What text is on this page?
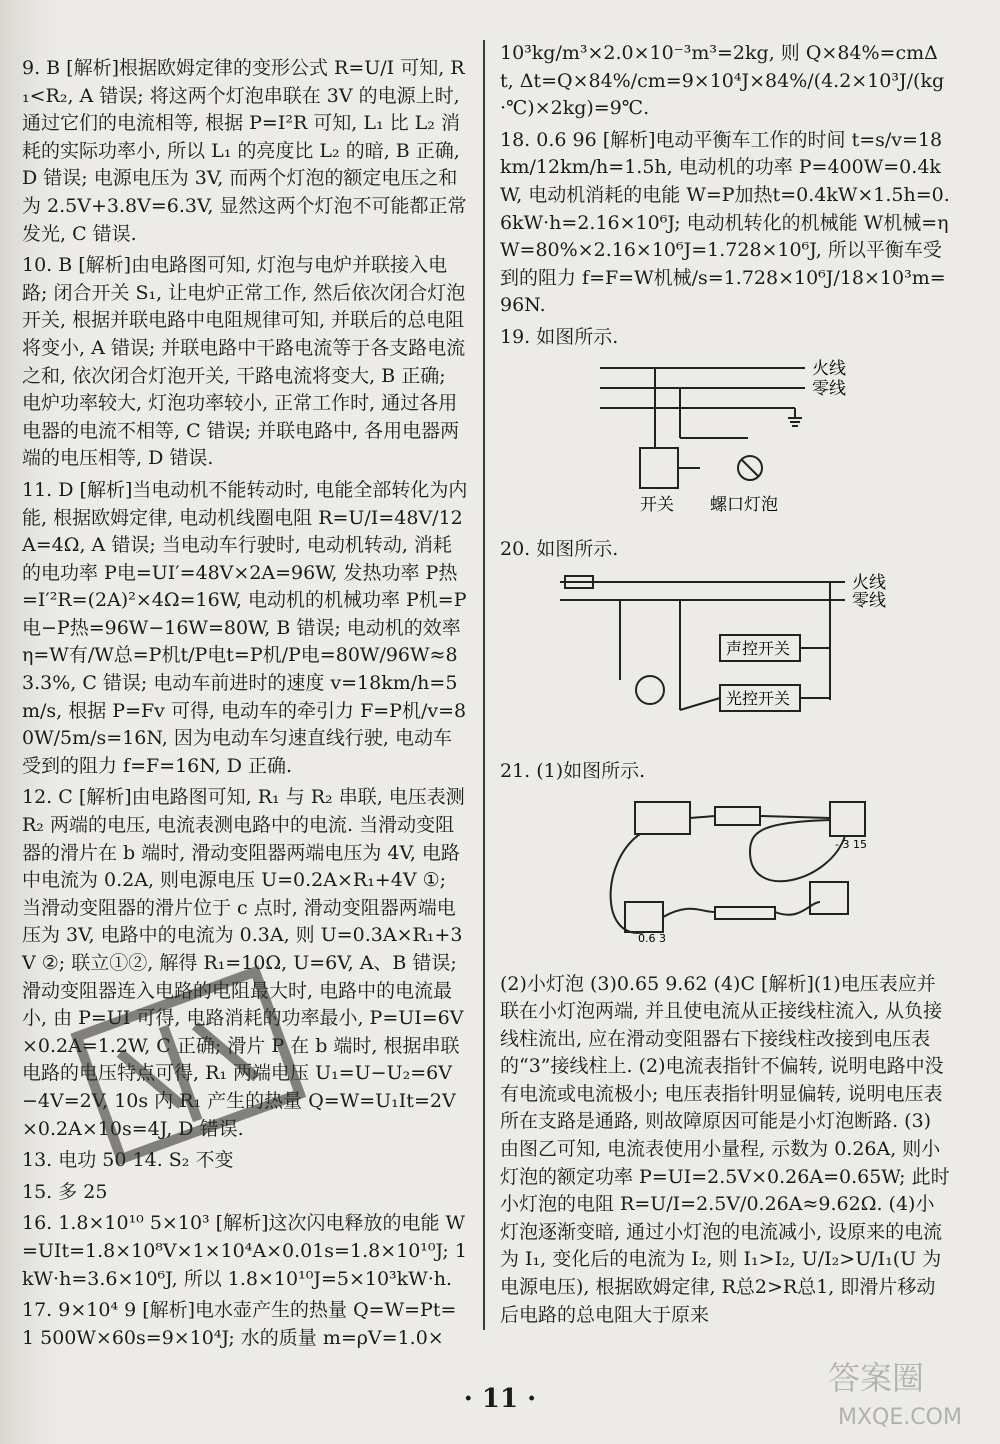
9. B [解析]根据欧姆定律的变形公式 R=U/I 可知, R₁<R₂, A 错误; 将这两个灯泡串联在 3V 的电源上时, 通过它们的电流相等, 根据 P=I²R 可知, L₁ 比 L₂ 消耗的实际功率小, 所以 L₁ 的亮度比 L₂ 的暗, B 正确, D 错误; 电源电压为 3V, 而两个灯泡的额定电压之和为 2.5V+3.8V=6.3V, 显然这两个灯泡不可能都正常发光, C 错误.

10. B [解析]由电路图可知, 灯泡与电炉并联接入电路; 闭合开关 S₁, 让电炉正常工作, 然后依次闭合灯泡开关, 根据并联电路中电阻规律可知, 并联后的总电阻将变小, A 错误; 并联电路中干路电流等于各支路电流之和, 依次闭合灯泡开关, 干路电流将变大, B 正确; 电炉功率较大, 灯泡功率较小, 正常工作时, 通过各用电器的电流不相等, C 错误; 并联电路中, 各用电器两端的电压相等, D 错误.

11. D [解析]当电动机不能转动时, 电能全部转化为内能, 根据欧姆定律, 电动机线圈电阻 R=U/I=48V/12A=4Ω, A 错误; 当电动车行驶时, 电动机转动, 消耗的电功率 P电=UI′=48V×2A=96W, 发热功率 P热=I′²R=(2A)²×4Ω=16W, 电动机的机械功率 P机=P电−P热=96W−16W=80W, B 错误; 电动机的效率 η=W有/W总=P机t/P电t=P机/P电=80W/96W≈83.3%, C 错误; 电动车前进时的速度 v=18km/h=5m/s, 根据 P=Fv 可得, 电动车的牵引力 F=P机/v=80W/5m/s=16N, 因为电动车匀速直线行驶, 电动车受到的阻力 f=F=16N, D 正确.

12. C [解析]由电路图可知, R₁ 与 R₂ 串联, 电压表测 R₂ 两端的电压, 电流表测电路中的电流. 当滑动变阻器的滑片在 b 端时, 滑动变阻器两端电压为 4V, 电路中电流为 0.2A, 则电源电压 U=0.2A×R₁+4V ①; 当滑动变阻器的滑片位于 c 点时, 滑动变阻器两端电压为 3V, 电路中的电流为 0.3A, 则 U=0.3A×R₁+3V ②; 联立①②, 解得 R₁=10Ω, U=6V, A、B 错误; 滑动变阻器连入电路的电阻最大时, 电路中的电流最小, 由 P=UI 可得, 电路消耗的功率最小, P=UI=6V×0.2A=1.2W, C 正确; 滑片 P 在 b 端时, 根据串联电路的电压特点可得, R₁ 两端电压 U₁=U−U₂=6V−4V=2V, 10s 内 R₁ 产生的热量 Q=W=U₁It=2V×0.2A×10s=4J, D 错误.

13. 电功 50 14. S₂ 不变

15. 多 25

16. 1.8×10¹⁰ 5×10³ [解析]这次闪电释放的电能 W=UIt=1.8×10⁸V×1×10⁴A×0.01s=1.8×10¹⁰J; 1kW·h=3.6×10⁶J, 所以 1.8×10¹⁰J=5×10³kW·h.

17. 9×10⁴ 9 [解析]电水壶产生的热量 Q=W=Pt=1 500W×60s=9×10⁴J; 水的质量 m=ρV=1.0×

10³kg/m³×2.0×10⁻³m³=2kg, 则 Q×84%=cmΔt, Δt=Q×84%/cm=9×10⁴J×84%/(4.2×10³J/(kg·℃)×2kg)=9℃.

18. 0.6 96 [解析]电动平衡车工作的时间 t=s/v=18km/12km/h=1.5h, 电动机的功率 P=400W=0.4kW, 电动机消耗的电能 W=P加热t=0.4kW×1.5h=0.6kW·h=2.16×10⁶J; 电动机转化的机械能 W机械=ηW=80%×2.16×10⁶J=1.728×10⁶J, 所以平衡车受到的阻力 f=F=W机械/s=1.728×10⁶J/18×10³m=96N.

19. 如图所示.

火线
零线
开关 螺口灯泡

20. 如图所示.

火线
零线
声控开关
光控开关

21. (1)如图所示.

0.6 3
- 3 15

(2)小灯泡 (3)0.65 9.62 (4)C [解析](1)电压表应并联在小灯泡两端, 并且使电流从正接线柱流入, 从负接线柱流出, 应在滑动变阻器右下接线柱改接到电压表的“3”接线柱上. (2)电流表指针不偏转, 说明电路中没有电流或电流极小; 电压表指针明显偏转, 说明电压表所在支路是通路, 则故障原因可能是小灯泡断路. (3)由图乙可知, 电流表使用小量程, 示数为 0.26A, 则小灯泡的额定功率 P=UI=2.5V×0.26A=0.65W; 此时小灯泡的电阻 R=U/I=2.5V/0.26A≈9.62Ω. (4)小灯泡逐渐变暗, 通过小灯泡的电流减小, 设原来的电流为 I₁, 变化后的电流为 I₂, 则 I₁>I₂, U/I₂>U/I₁(U 为电源电压), 根据欧姆定律, R总2>R总1, 即滑片移动后电路的总电阻大于原来

· 11 ·
答案圈
MXQE.COM
